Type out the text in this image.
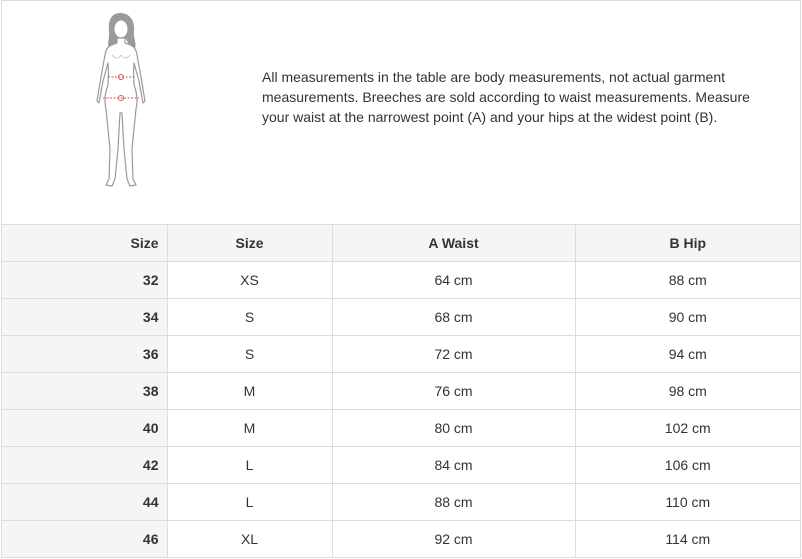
All measurements in the table are body measurements, not actual garment measurements. Breeches are sold according to waist measurements. Measure your waist at the narrowest point (A) and your hips at the widest point (B).
Size	Size	A Waist	B Hip
32	XS	64 cm	88 cm
34	S	68 cm	90 cm
36	S	72 cm	94 cm
38	M	76 cm	98 cm
40	M	80 cm	102 cm
42	L	84 cm	106 cm
44	L	88 cm	110 cm
46	XL	92 cm	114 cm
